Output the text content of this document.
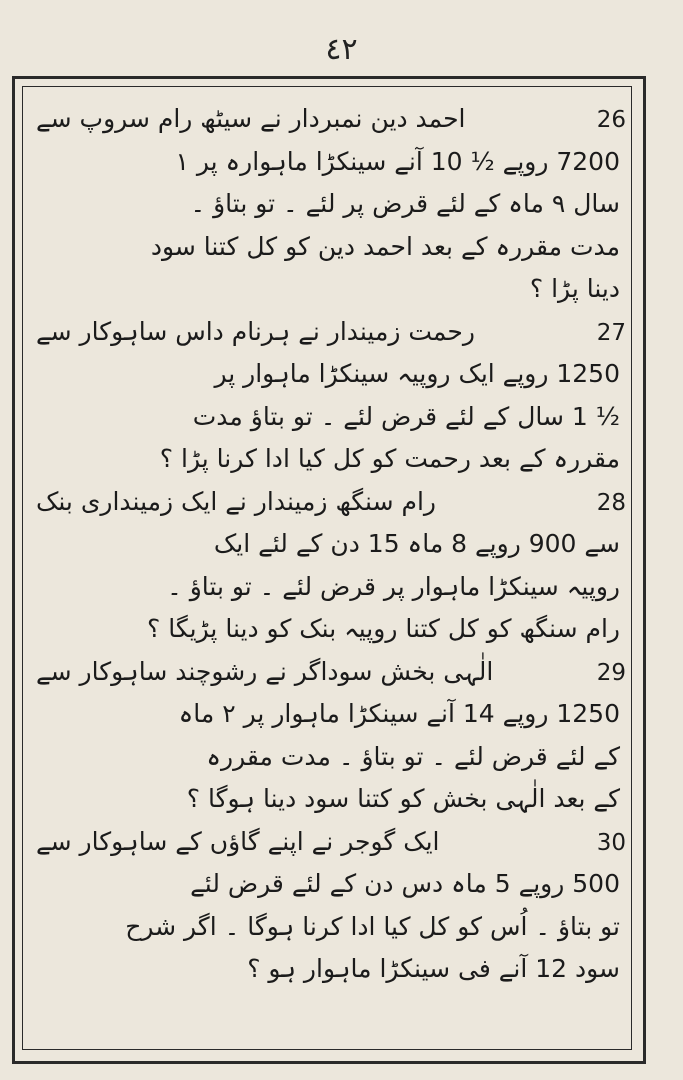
٤٢
26
احمد دین نمبردار نے سیٹھ رام سروپ سے
7200 روپے ½ 10 آنے سینکڑا ماہوارہ پر ۱
سال ۹ ماہ کے لئے قرض پر لئے ۔ تو بتاؤ ۔
مدت مقررہ کے بعد احمد دین کو کل کتنا سود
دینا پڑا ؟
27
رحمت زمیندار نے ہرنام داس ساہوکار سے
1250 روپے ایک روپیہ سینکڑا ماہوار پر
½ 1 سال کے لئے قرض لئے ۔ تو بتاؤ مدت
مقررہ کے بعد رحمت کو کل کیا ادا کرنا پڑا ؟
28
رام سنگھ زمیندار نے ایک زمینداری بنک
سے 900 روپے 8 ماہ 15 دن کے لئے ایک
روپیہ سینکڑا ماہوار پر قرض لئے ۔ تو بتاؤ ۔
رام سنگھ کو کل کتنا روپیہ بنک کو دینا پڑیگا ؟
29
الٰہی بخش سوداگر نے رشوچند ساہوکار سے
1250 روپے 14 آنے سینکڑا ماہوار پر ۲ ماہ
کے لئے قرض لئے ۔ تو بتاؤ ۔ مدت مقررہ
کے بعد الٰہی بخش کو کتنا سود دینا ہوگا ؟
30
ایک گوجر نے اپنے گاؤں کے ساہوکار سے
500 روپے 5 ماہ دس دن کے لئے قرض لئے
تو بتاؤ ۔ اُس کو کل کیا ادا کرنا ہوگا ۔ اگر شرح
سود 12 آنے فی سینکڑا ماہوار ہو ؟
